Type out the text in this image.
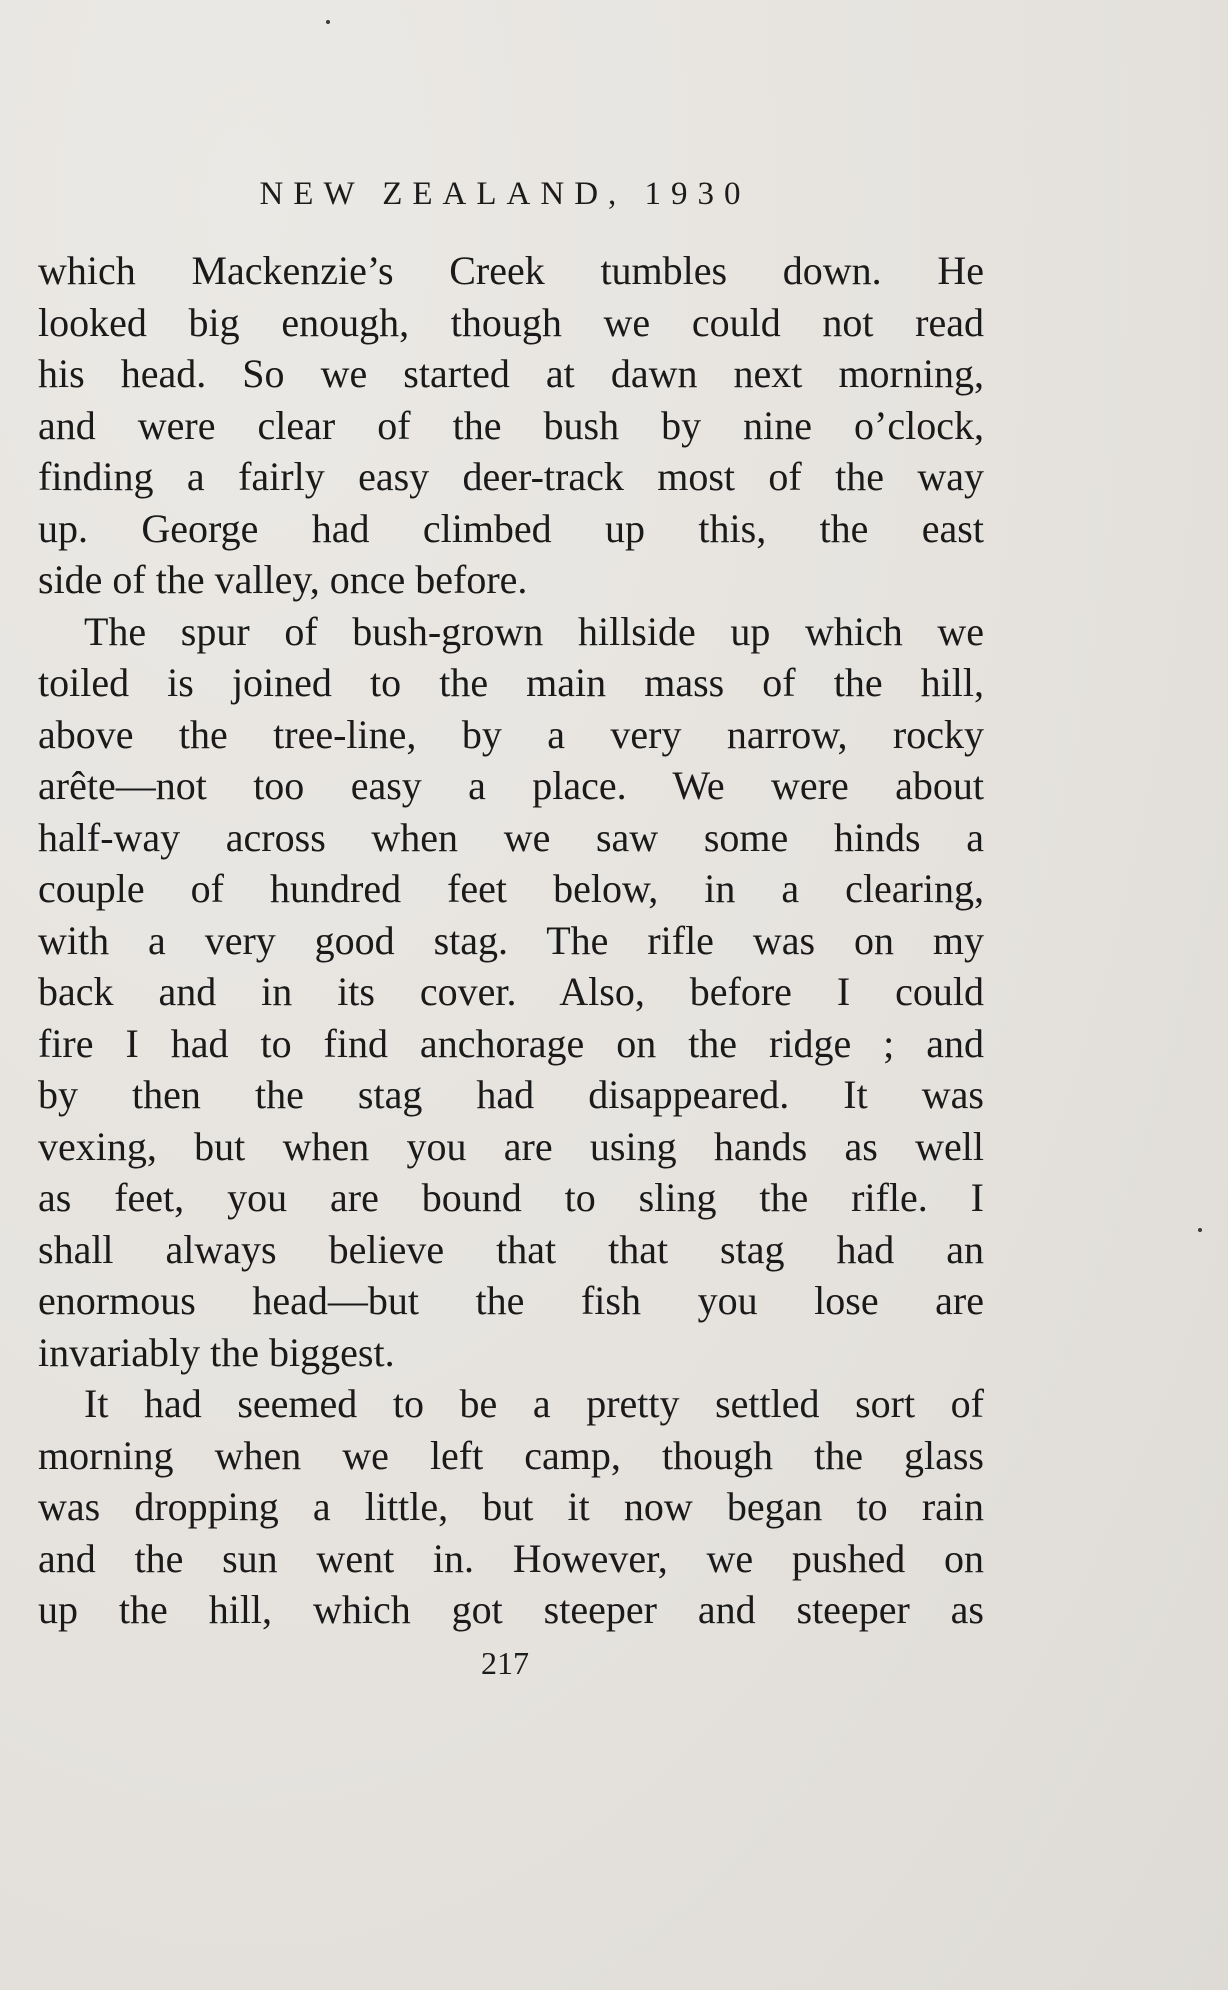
NEW ZEALAND, 1930
which Mackenzie’s Creek tumbles down. He
looked big enough, though we could not read
his head. So we started at dawn next morning,
and were clear of the bush by nine o’clock,
finding a fairly easy deer-track most of the way
up. George had climbed up this, the east
side of the valley, once before.
The spur of bush-grown hillside up which we
toiled is joined to the main mass of the hill,
above the tree-line, by a very narrow, rocky
arête—not too easy a place. We were about
half-way across when we saw some hinds a
couple of hundred feet below, in a clearing,
with a very good stag. The rifle was on my
back and in its cover. Also, before I could
fire I had to find anchorage on the ridge ; and
by then the stag had disappeared. It was
vexing, but when you are using hands as well
as feet, you are bound to sling the rifle. I
shall always believe that that stag had an
enormous head—but the fish you lose are
invariably the biggest.
It had seemed to be a pretty settled sort of
morning when we left camp, though the glass
was dropping a little, but it now began to rain
and the sun went in. However, we pushed on
up the hill, which got steeper and steeper as
217
